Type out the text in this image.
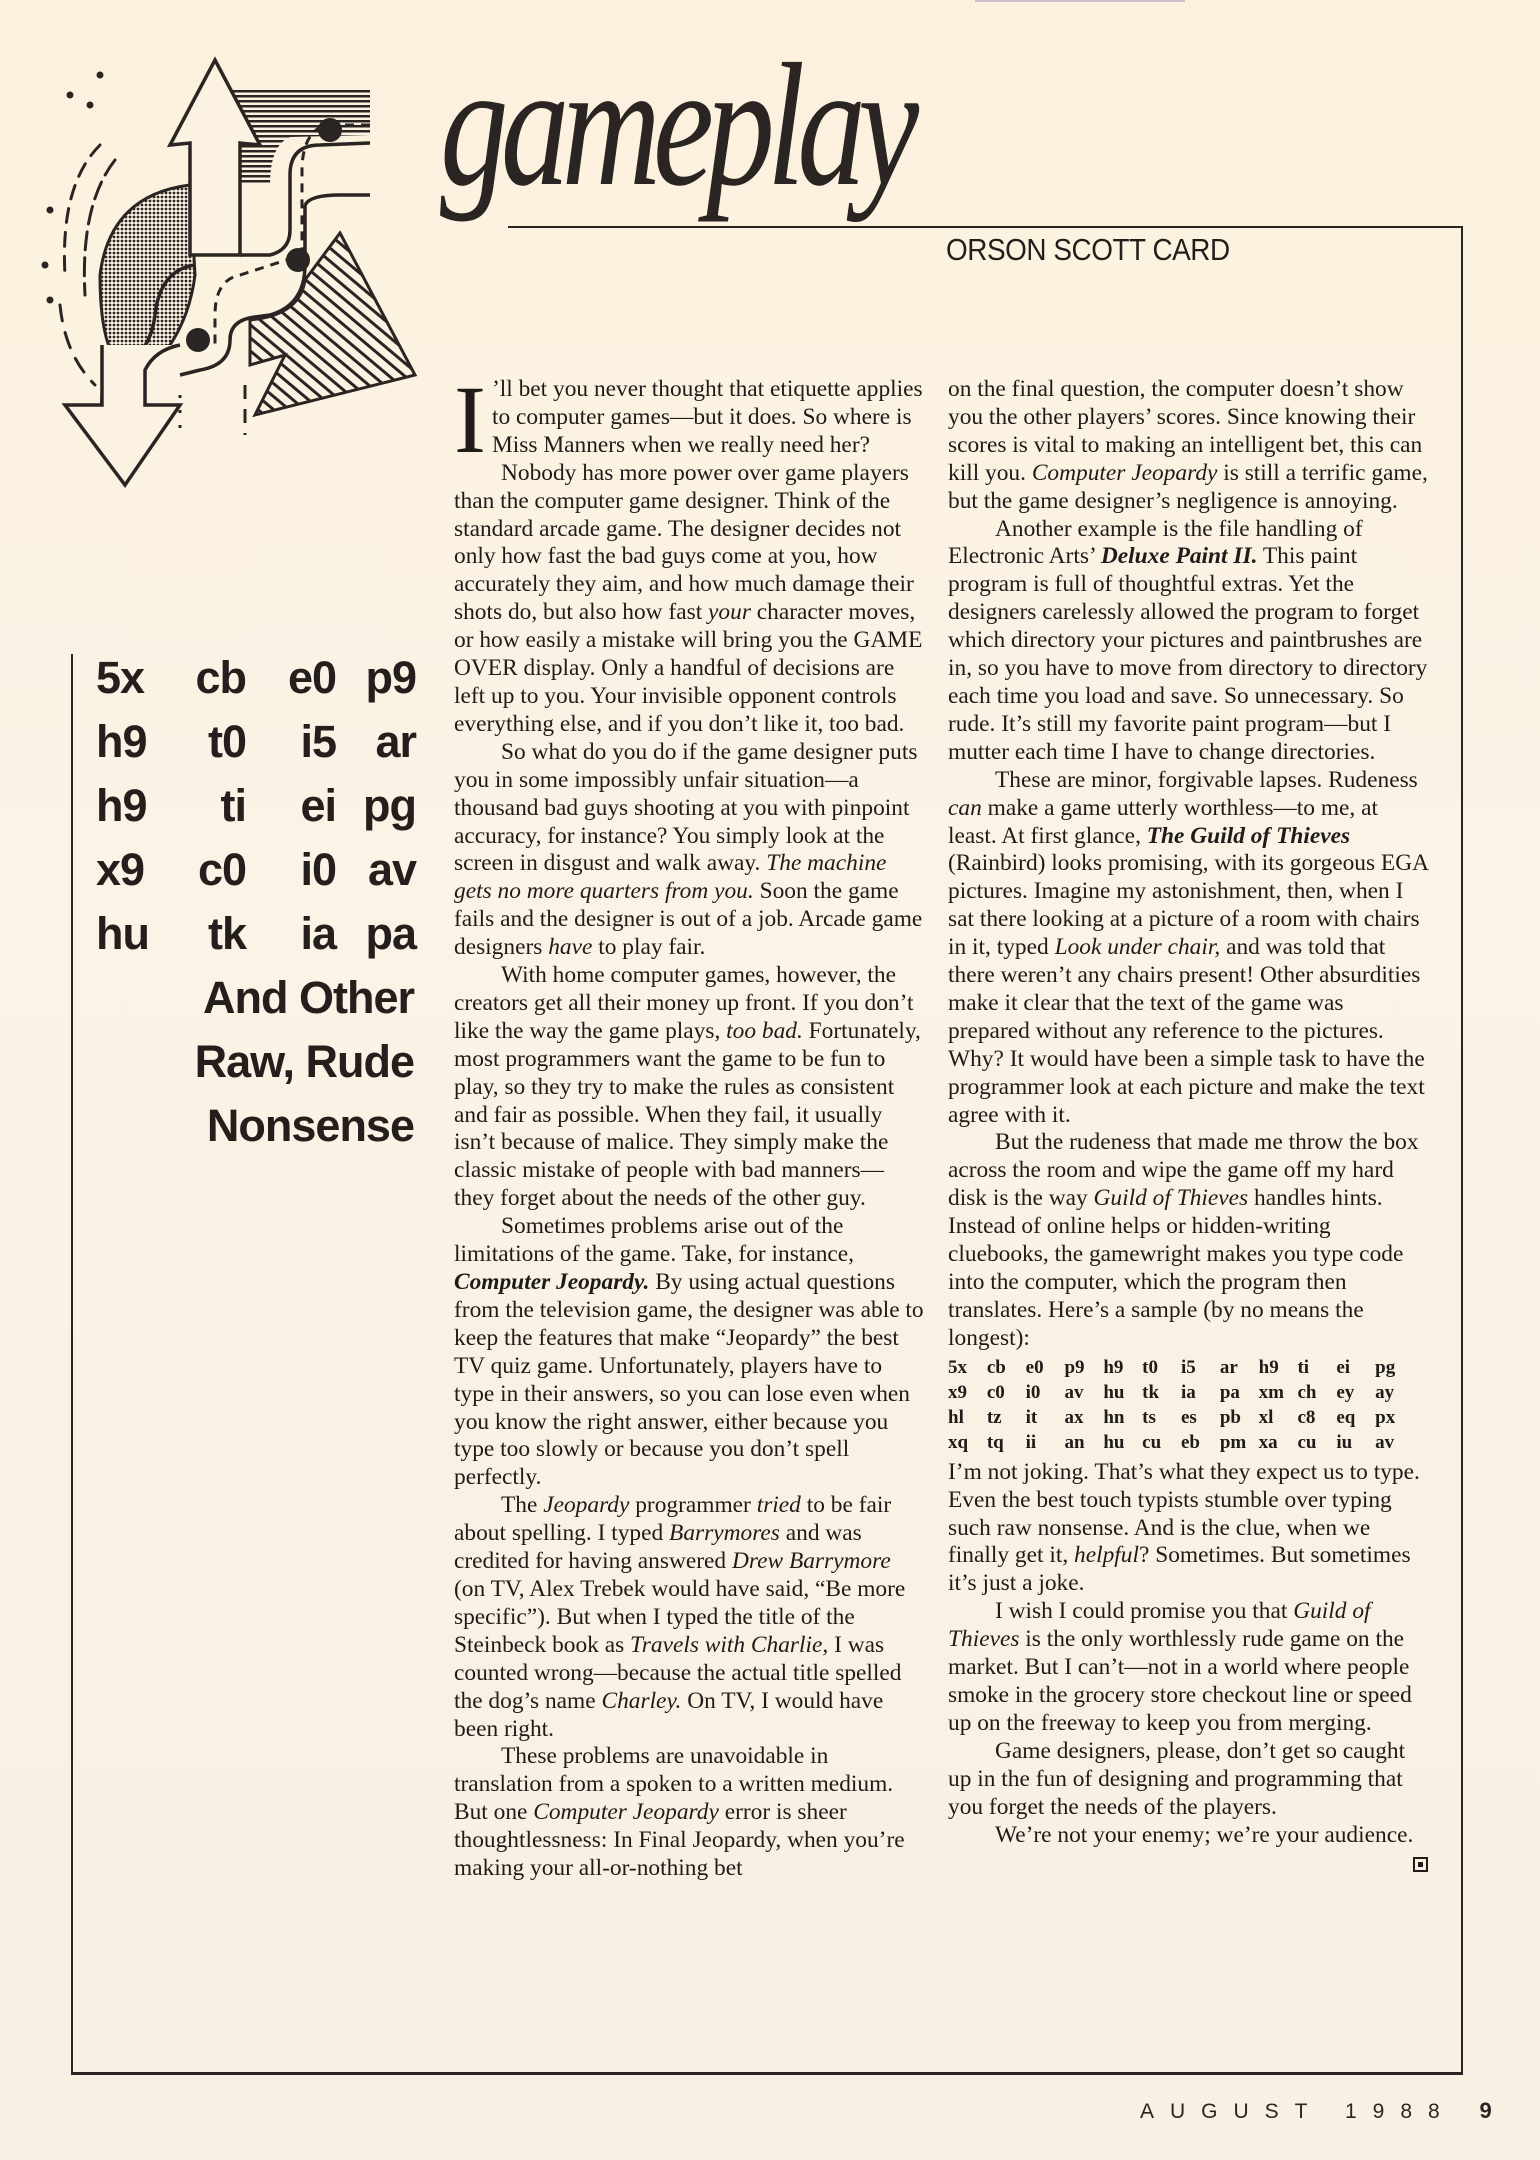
gameplay
ORSON SCOTT CARD
5x	cb e0 p9
h9	t0	i5 ar
h9	ti	ei pg
x9	c0	i0 av
hu	tk	ia pa
And Other
Raw, Rude
Nonsense

I ’ll bet you never thought that etiquette applies to computer games—but it does. So where is Miss Manners when we really need her?

Nobody has more power over game players than the computer game designer. Think of the standard arcade game. The designer decides not only how fast the bad guys come at you, how accurately they aim, and how much damage their shots do, but also how fast your character moves, or how easily a mistake will bring you the GAME OVER display. Only a handful of decisions are left up to you. Your invisible opponent controls everything else, and if you don’t like it, too bad.

So what do you do if the game designer puts you in some impossibly unfair situation—a thousand bad guys shooting at you with pinpoint accuracy, for instance? You simply look at the screen in disgust and walk away. The machine gets no more quarters from you. Soon the game fails and the designer is out of a job. Arcade game designers have to play fair.

With home computer games, however, the creators get all their money up front. If you don’t like the way the game plays, too bad. Fortunately, most programmers want the game to be fun to play, so they try to make the rules as consistent and fair as possible. When they fail, it usually isn’t because of malice. They simply make the classic mistake of people with bad manners—they forget about the needs of the other guy.

Sometimes problems arise out of the limitations of the game. Take, for instance, Computer Jeopardy. By using actual questions from the television game, the designer was able to keep the features that make “Jeopardy” the best TV quiz game. Unfortunately, players have to type in their answers, so you can lose even when you know the right answer, either because you type too slowly or because you don’t spell perfectly.

The Jeopardy programmer tried to be fair about spelling. I typed Barrymores and was credited for having answered Drew Barrymore (on TV, Alex Trebek would have said, “Be more specific”). But when I typed the title of the Steinbeck book as Travels with Charlie, I was counted wrong—because the actual title spelled the dog’s name Charley. On TV, I would have been right.

These problems are unavoidable in translation from a spoken to a written medium. But one Computer Jeopardy error is sheer thoughtlessness: In Final Jeopardy, when you’re making your all-or-nothing bet

on the final question, the computer doesn’t show you the other players’ scores. Since knowing their scores is vital to making an intelligent bet, this can kill you. Computer Jeopardy is still a terrific game, but the game designer’s negligence is annoying.

Another example is the file handling of Electronic Arts’ Deluxe Paint II. This paint program is full of thoughtful extras. Yet the designers carelessly allowed the program to forget which directory your pictures and paintbrushes are in, so you have to move from directory to directory each time you load and save. So unnecessary. So rude. It’s still my favorite paint program—but I mutter each time I have to change directories.

These are minor, forgivable lapses. Rudeness can make a game utterly worthless—to me, at least. At first glance, The Guild of Thieves (Rainbird) looks promising, with its gorgeous EGA pictures. Imagine my astonishment, then, when I sat there looking at a picture of a room with chairs in it, typed Look under chair, and was told that there weren’t any chairs present! Other absurdities make it clear that the text of the game was prepared without any reference to the pictures. Why? It would have been a simple task to have the programmer look at each picture and make the text agree with it.

But the rudeness that made me throw the box across the room and wipe the game off my hard disk is the way Guild of Thieves handles hints. Instead of online helps or hidden-writing cluebooks, the gamewright makes you type code into the computer, which the program then translates. Here’s a sample (by no means the longest):

5x	cb	e0	p9 h9 t0	i5	ar	h9 ti	ei	pg
x9	c0	i0	av	hu tk	ia	pa xm ch	ey	ay
hl	tz	it	ax	hn ts	es	pb xl	c8	eq	px
xq tq	ii	an hu cu	eb	pm xa	cu	iu	av

I’m not joking. That’s what they expect us to type. Even the best touch typists stumble over typing such raw nonsense. And is the clue, when we finally get it, helpful? Sometimes. But sometimes it’s just a joke.

I wish I could promise you that Guild of Thieves is the only worthlessly rude game on the market. But I can’t—not in a world where people smoke in the grocery store checkout line or speed up on the freeway to keep you from merging.

Game designers, please, don’t get so caught up in the fun of designing and programming that you forget the needs of the players.

We’re not your enemy; we’re your audience.

AUGUST 1988 9
